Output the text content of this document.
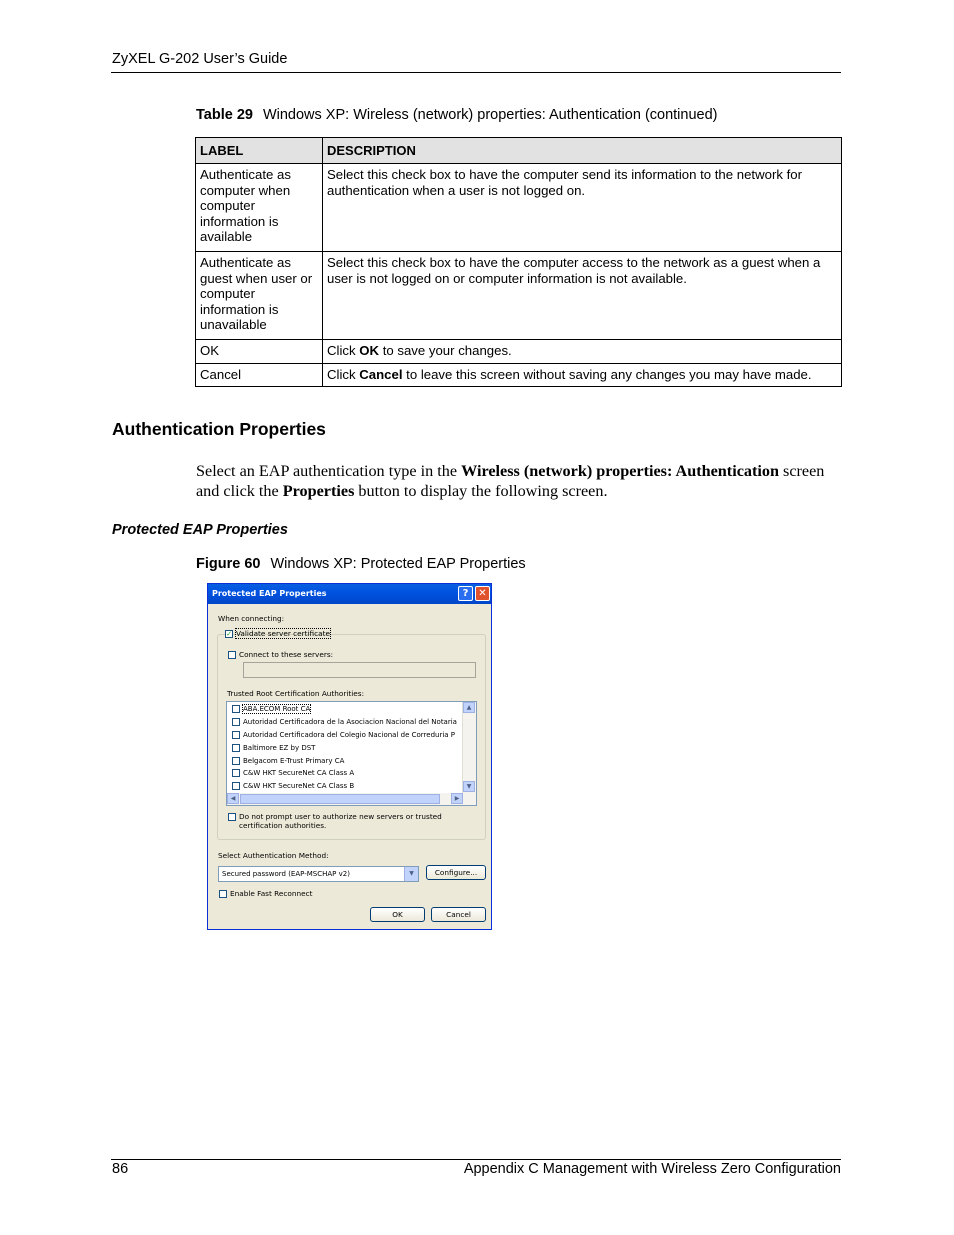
ZyXEL G-202 User’s Guide
Table 29 Windows XP: Wireless (network) properties: Authentication (continued)
LABEL	DESCRIPTION
Authenticate as computer when computer information is available	Select this check box to have the computer send its information to the network for authentication when a user is not logged on.
Authenticate as guest when user or computer information is unavailable	Select this check box to have the computer access to the network as a guest when a user is not logged on or computer information is not available.
OK	Click OK to save your changes.
Cancel	Click Cancel to leave this screen without saving any changes you may have made.
Authentication Properties
Select an EAP authentication type in the Wireless (network) properties: Authentication screen and click the Properties button to display the following screen.
Protected EAP Properties
Figure 60 Windows XP: Protected EAP Properties
Protected EAP Properties	? ✕
When connecting:
✓ Validate server certificate
Connect to these servers:
Trusted Root Certification Authorities:
ABA.ECOM Root CA
Autoridad Certificadora de la Asociacion Nacional del Notaria
Autoridad Certificadora del Colegio Nacional de Correduria P
Baltimore EZ by DST
Belgacom E-Trust Primary CA
C&W HKT SecureNet CA Class A
C&W HKT SecureNet CA Class B
▲
▼
◀	▶
Do not prompt user to authorize new servers or trusted
certification authorities.
Select Authentication Method:
Secured password (EAP-MSCHAP v2)	▼	Configure...
Enable Fast Reconnect
OK	Cancel
86	Appendix C Management with Wireless Zero Configuration
